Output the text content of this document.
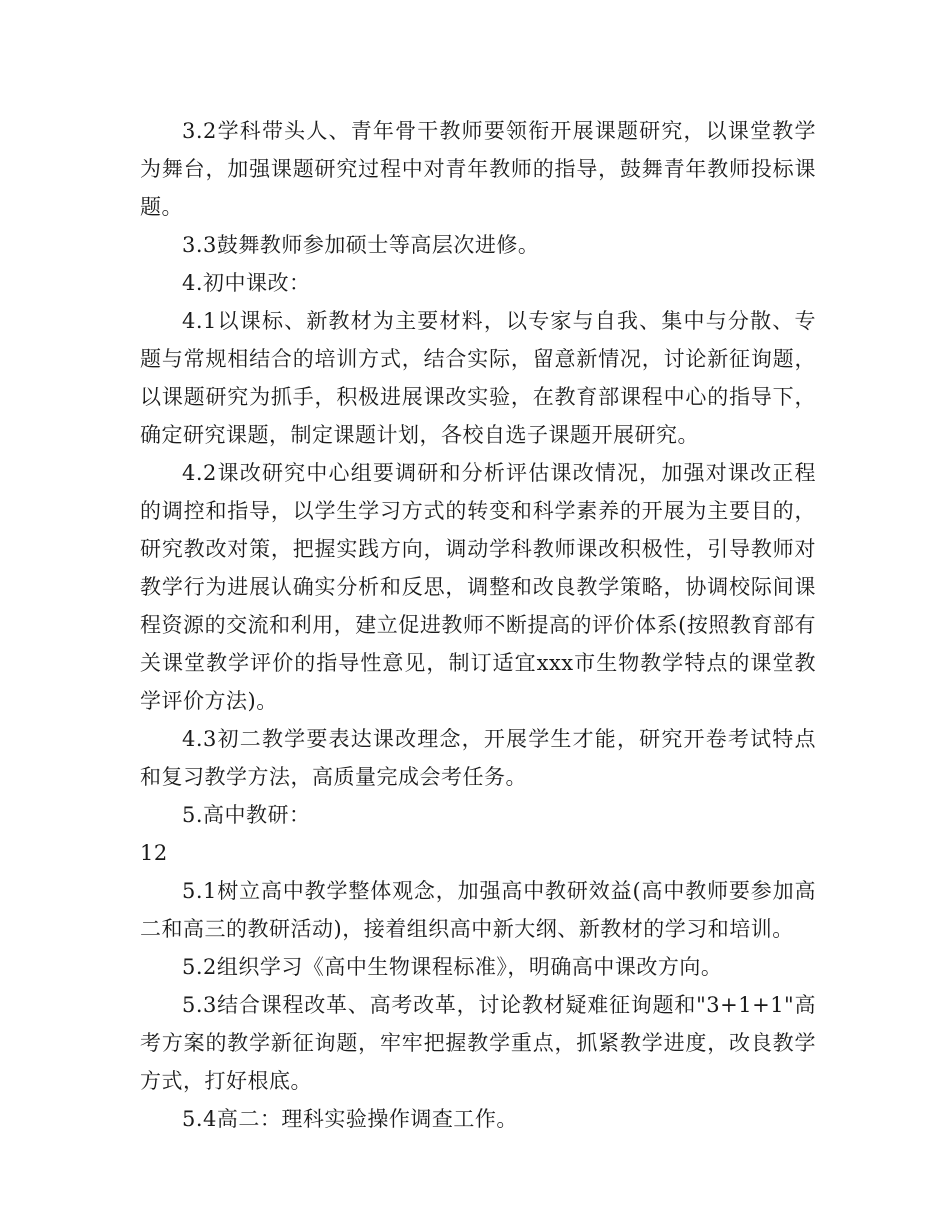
3.2学科带头人、青年骨干教师要领衔开展课题研究，以课堂教学为舞台，加强课题研究过程中对青年教师的指导，鼓舞青年教师投标课题。

3.3鼓舞教师参加硕士等高层次进修。

4.初中课改：

4.1以课标、新教材为主要材料，以专家与自我、集中与分散、专题与常规相结合的培训方式，结合实际，留意新情况，讨论新征询题，以课题研究为抓手，积极进展课改实验，在教育部课程中心的指导下，确定研究课题，制定课题计划，各校自选子课题开展研究。

4.2课改研究中心组要调研和分析评估课改情况，加强对课改正程的调控和指导，以学生学习方式的转变和科学素养的开展为主要目的，研究教改对策，把握实践方向，调动学科教师课改积极性，引导教师对教学行为进展认确实分析和反思，调整和改良教学策略，协调校际间课程资源的交流和利用，建立促进教师不断提高的评价体系(按照教育部有关课堂教学评价的指导性意见，制订适宜xxx市生物教学特点的课堂教学评价方法)。

4.3初二教学要表达课改理念，开展学生才能，研究开卷考试特点和复习教学方法，高质量完成会考任务。

5.高中教研：

12

5.1树立高中教学整体观念，加强高中教研效益(高中教师要参加高二和高三的教研活动)，接着组织高中新大纲、新教材的学习和培训。

5.2组织学习《高中生物课程标准》，明确高中课改方向。

5.3结合课程改革、高考改革，讨论教材疑难征询题和"3+1+1"高考方案的教学新征询题，牢牢把握教学重点，抓紧教学进度，改良教学方式，打好根底。

5.4高二：理科实验操作调查工作。
